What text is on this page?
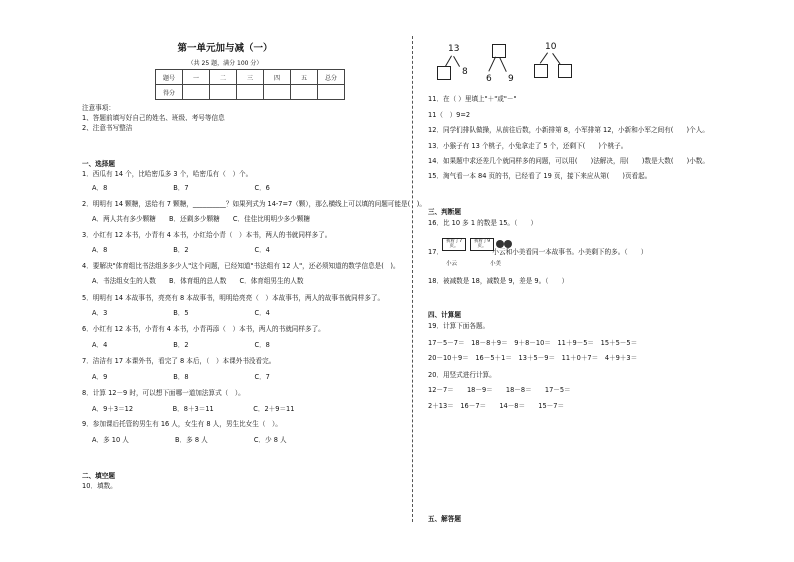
第一单元加与减（一）
（共 25 题，满分 100 分）
题号	一	二	三	四	五	总分
得分						
注意事项：
1、答题前填写好自己的姓名、班级、考号等信息
2、注意书写整洁
一、选择题
1．西瓜有 14 个，比哈密瓜多 3 个，哈密瓜有（　）个。
A．8　　　　　　　　　　B．7　　　　　　　　　　C．6
2．明明有 14 颗糖，送给有 7 颗糖，__________？如果列式为 14-7=7（颗），那么横线上可以填的问题可能是(　)。
A．两人共有多少颗糖　　B．还剩多少颗糖　　C．佳佳比明明少多少颗糖
3．小红有 12 本书，小青有 4 本书，小红给小青（　）本书，两人的书就同样多了。
A．8　　　　　　　　　　B．2　　　　　　　　　　C．4
4．要解决"体育组比书法组多多少人"这个问题，已经知道"书法组有 12 人"，还必须知道的数学信息是(　)。
A．书法组女生的人数　　B．体育组的总人数　　C．体育组男生的人数
5．明明有 14 本故事书，亮亮有 8 本故事书，明明给亮亮（　）本故事书，两人的故事书就同样多了。
A．3　　　　　　　　　　B．5　　　　　　　　　　C．4
6．小红有 12 本书，小青有 4 本书，小青再添（　）本书，两人的书就同样多了。
A．4　　　　　　　　　　B．2　　　　　　　　　　C．8
7．洁洁有 17 本课外书，看完了 8 本后，（　）本课外书没看完。
A．9　　　　　　　　　　B．8　　　　　　　　　　C．7
8．计算 12－9 时，可以想下面哪一道加法算式（　）。
A．9＋3＝12　　　　　　B．8＋3＝11　　　　　　C．2＋9＝11
9．参加课后托管的男生有 16 人，女生有 8 人，男生比女生（　）。
A．多 10 人　　　　　　　B．多 8 人　　　　　　　C．少 8 人
二、填空题
10．填数。
13
8
6 9
10
11．在（ ）里填上"＋"或"－"
11（　）9=2
12．同学们排队做操，从前往后数，小新排第 8，小军排第 12，小新和小军之间有(　　)个人。
13．小猴子有 13 个桃子，小兔拿走了 5 个，还剩下(　　)个桃子。
14．如果题中求还差几个就同样多的问题，可以用(　　)法解决，用(　　)数是大数(　　)小数。
15．淘气看一本 84 页的书，已经看了 19 页，接下来应从第(　　)页看起。
三、判断题
16．比 10 多 1 的数是 15。（　　）
17．　　　　　　　　小云和小美看同一本故事书。小美剩下的多。（　　）
我看了7页。
我看了9页。
小云	小美
18．被减数是 18，减数是 9，差是 9。（　　）
四、计算题
19．计算下面各题。
17－5－7＝　18－8＋9＝　9＋8－10＝　11＋9－5＝　15＋5－5＝
20－10＋9＝　16－5＋1＝　13＋5－9＝　11＋0＋7＝　4＋9＋3＝
20．用竖式进行计算。
12－7＝　　18－9＝　　18－8＝　　17－5＝
2＋13＝　16－7＝　　14－8＝　　15－7＝
五、解答题
